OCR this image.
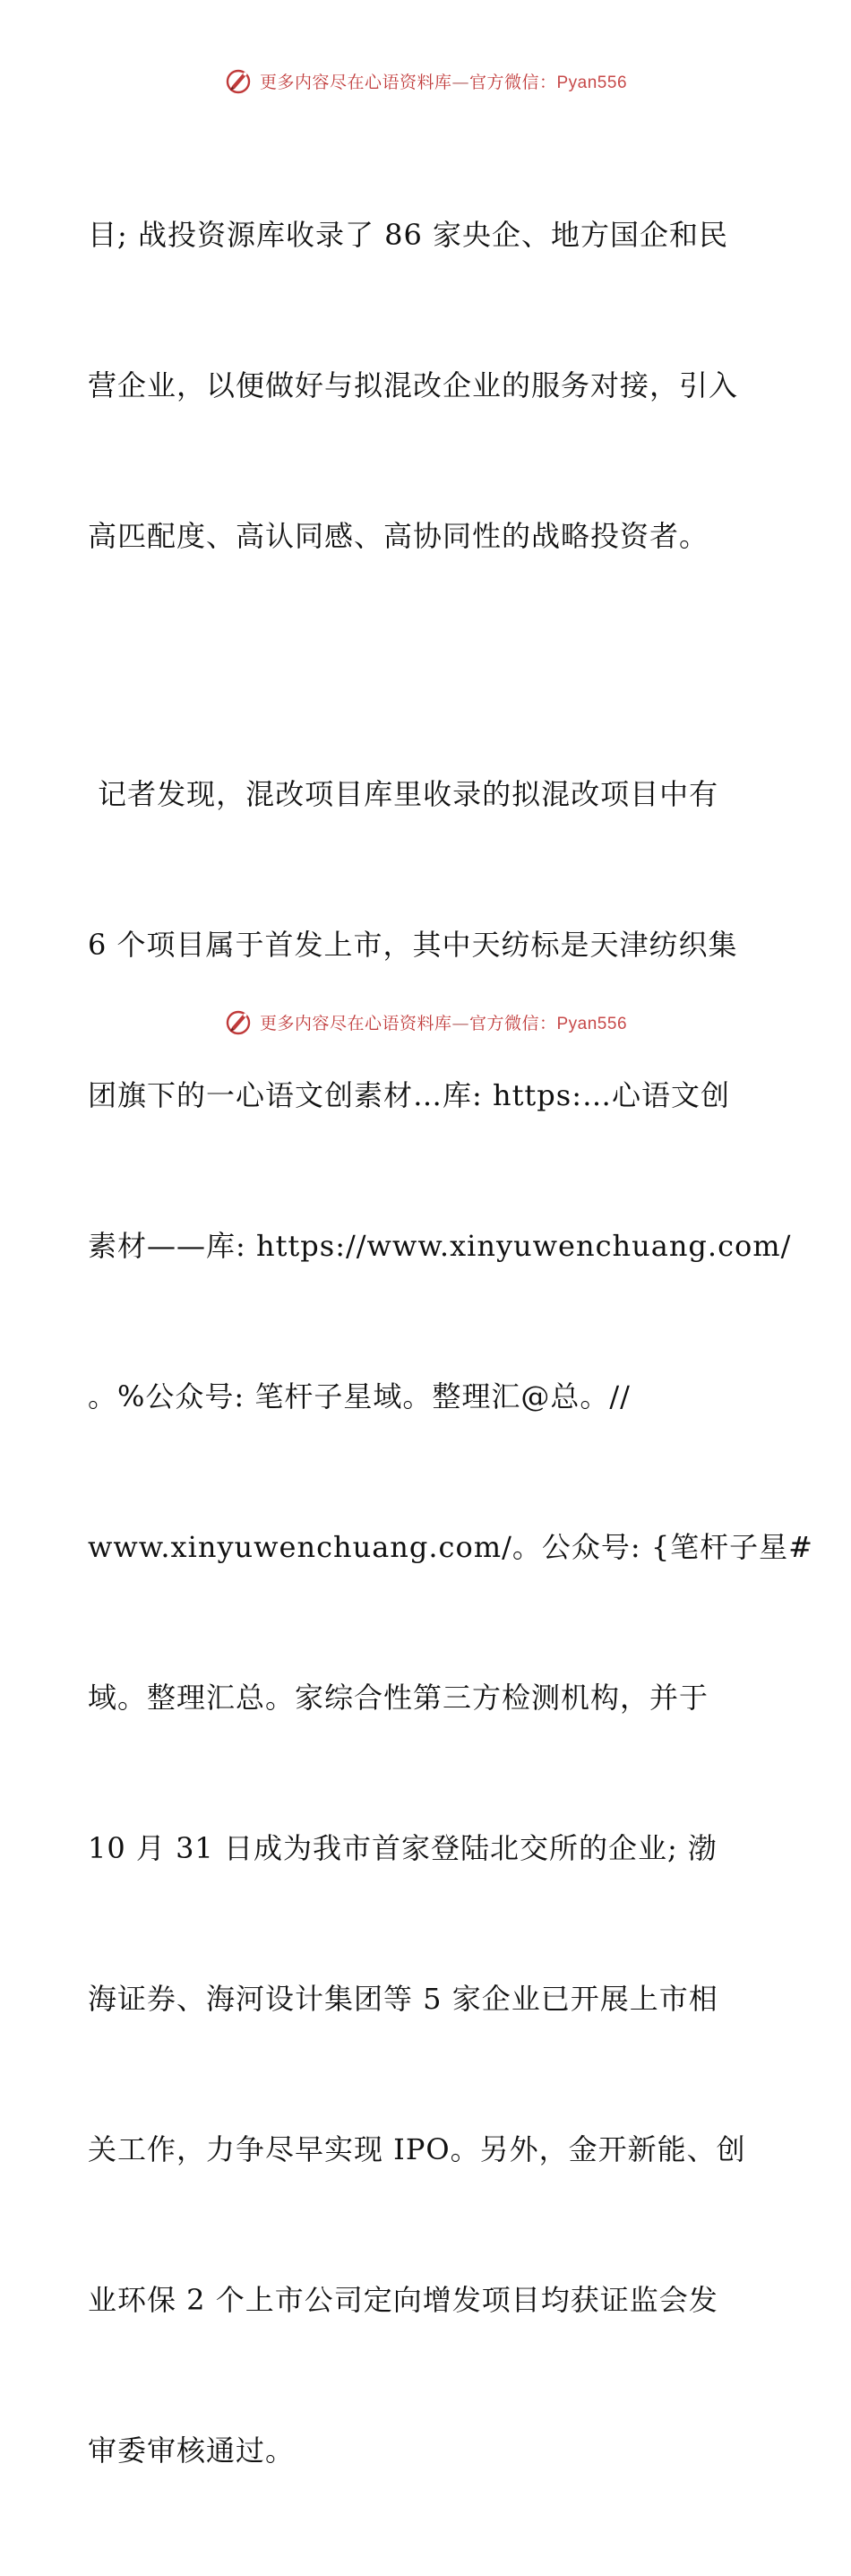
更多内容尽在心语资料库—官方微信：Pyan556

目; 战投资源库收录了 86 家央企、地方国企和民

营企业，以便做好与拟混改企业的服务对接，引入

高匹配度、高认同感、高协同性的战略投资者。

记者发现，混改项目库里收录的拟混改项目中有

6 个项目属于首发上市，其中天纺标是天津纺织集

团旗下的一心语文创素材…库: https:…心语文创

素材——库: https://www.xinyuwenchuang.com/

。%公众号: 笔杆子星域。整理汇@总。//

www.xinyuwenchuang.com/。公众号: {笔杆子星#

域。整理汇总。家综合性第三方检测机构，并于

10 月 31 日成为我市首家登陆北交所的企业; 渤

海证券、海河设计集团等 5 家企业已开展上市相

关工作，力争尽早实现 IPO。另外，金开新能、创

业环保 2 个上市公司定向增发项目均获证监会发

审委审核通过。

更多内容尽在心语资料库—官方微信：Pyan556
